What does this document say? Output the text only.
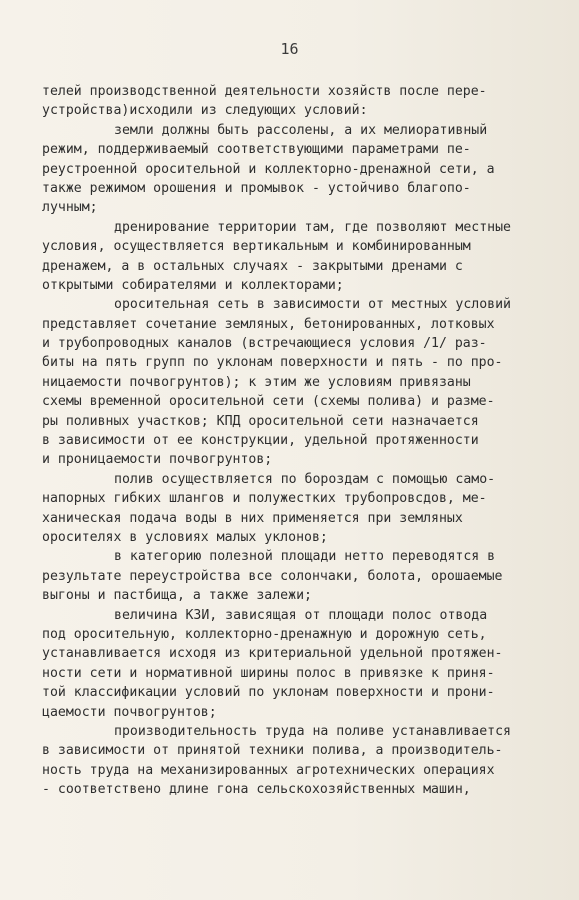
16
телей производственной деятельности хозяйств после пере-
устройства)исходили из следующих условий:
земли должны быть рассолены, а их мелиоративный
режим, поддерживаемый соответствующими параметрами пе-
реустроенной оросительной и коллекторно-дренажной сети, а
также режимом орошения и промывок - устойчиво благопо-
лучным;
дренирование территории там, где позволяют местные
условия, осуществляется вертикальным и комбинированным
дренажем, а в остальных случаях - закрытыми дренами с
открытыми собирателями и коллекторами;
оросительная сеть в зависимости от местных условий
представляет сочетание земляных, бетонированных, лотковых
и трубопроводных каналов (встречающиеся условия /1/ раз-
биты на пять групп по уклонам поверхности и пять - по про-
ницаемости почвогрунтов); к этим же условиям привязаны
схемы временной оросительной сети (схемы полива) и разме-
ры поливных участков; КПД оросительной сети назначается
в зависимости от ее конструкции, удельной протяженности
и проницаемости почвогрунтов;
полив осуществляется по бороздам с помощью само-
напорных гибких шлангов и полужестких трубопровсдов, ме-
ханическая подача воды в них применяется при земляных
оросителях в условиях малых уклонов;
в категорию полезной площади нетто переводятся в
результате переустройства все солончаки, болота, орошаемые
выгоны и пастбища, а также залежи;
величина КЗИ, зависящая от площади полос отвода
под оросительную, коллекторно-дренажную и дорожную сеть,
устанавливается исходя из критериальной удельной протяжен-
ности сети и нормативной ширины полос в привязке к приня-
той классификации условий по уклонам поверхности и прони-
цаемости почвогрунтов;
производительность труда на поливе устанавливается
в зависимости от принятой техники полива, а производитель-
ность труда на механизированных агротехнических операциях
- соответствено длине гона сельскохозяйственных машин,
